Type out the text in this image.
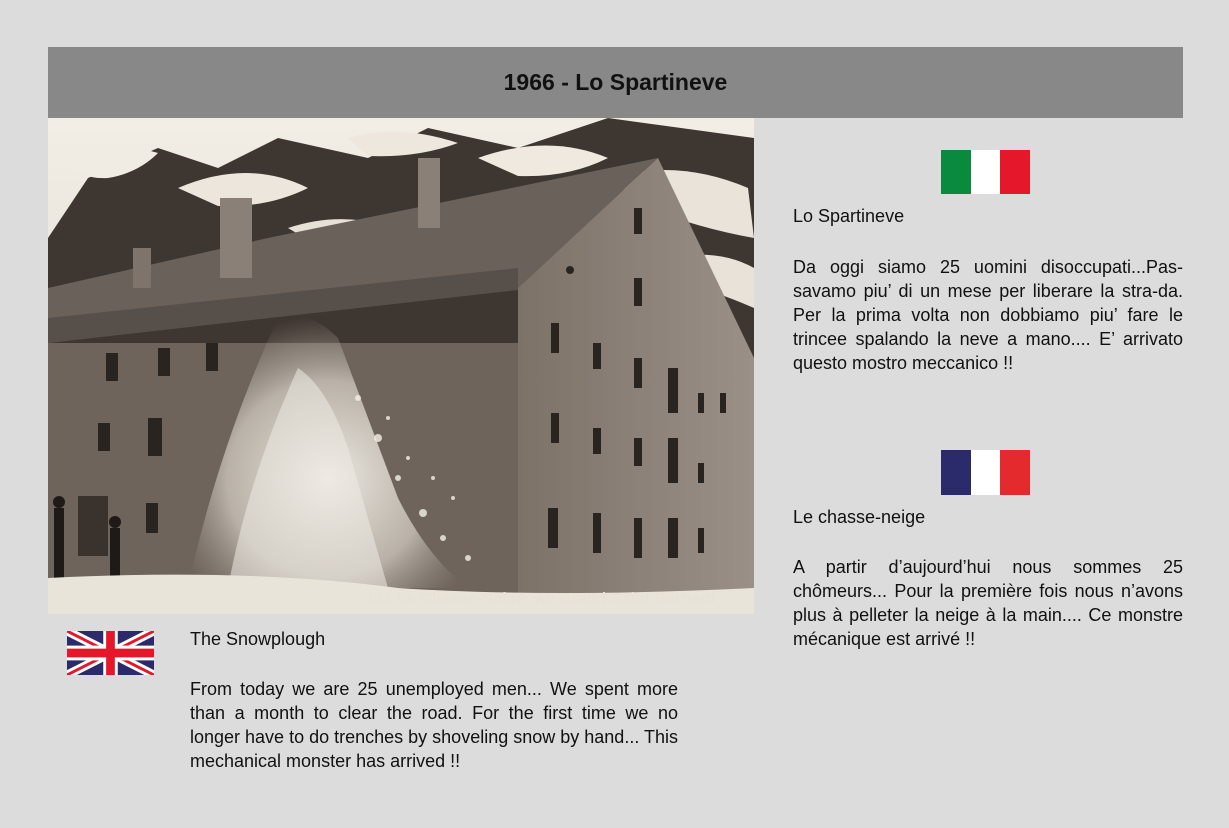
1966 - Lo Spartineve
133 Le Chasse-Neige, Au Grand Saint Bernard

Lo Spartineve

Da oggi siamo 25 uomini disoccupati...Pas-savamo piu’ di un mese per liberare la stra-da. Per la prima volta non dobbiamo piu’ fare le trincee spalando la neve a mano.... E’ arrivato questo mostro meccanico !!

Le chasse-neige

A partir d’aujourd’hui nous sommes 25 chômeurs... Pour la première fois nous n’avons plus à pelleter la neige à la main.... Ce monstre mécanique est arrivé !!

The Snowplough

From today we are 25 unemployed men... We spent more than a month to clear the road. For the first time we no longer have to do trenches by shoveling snow by hand... This mechanical monster has arrived !!
